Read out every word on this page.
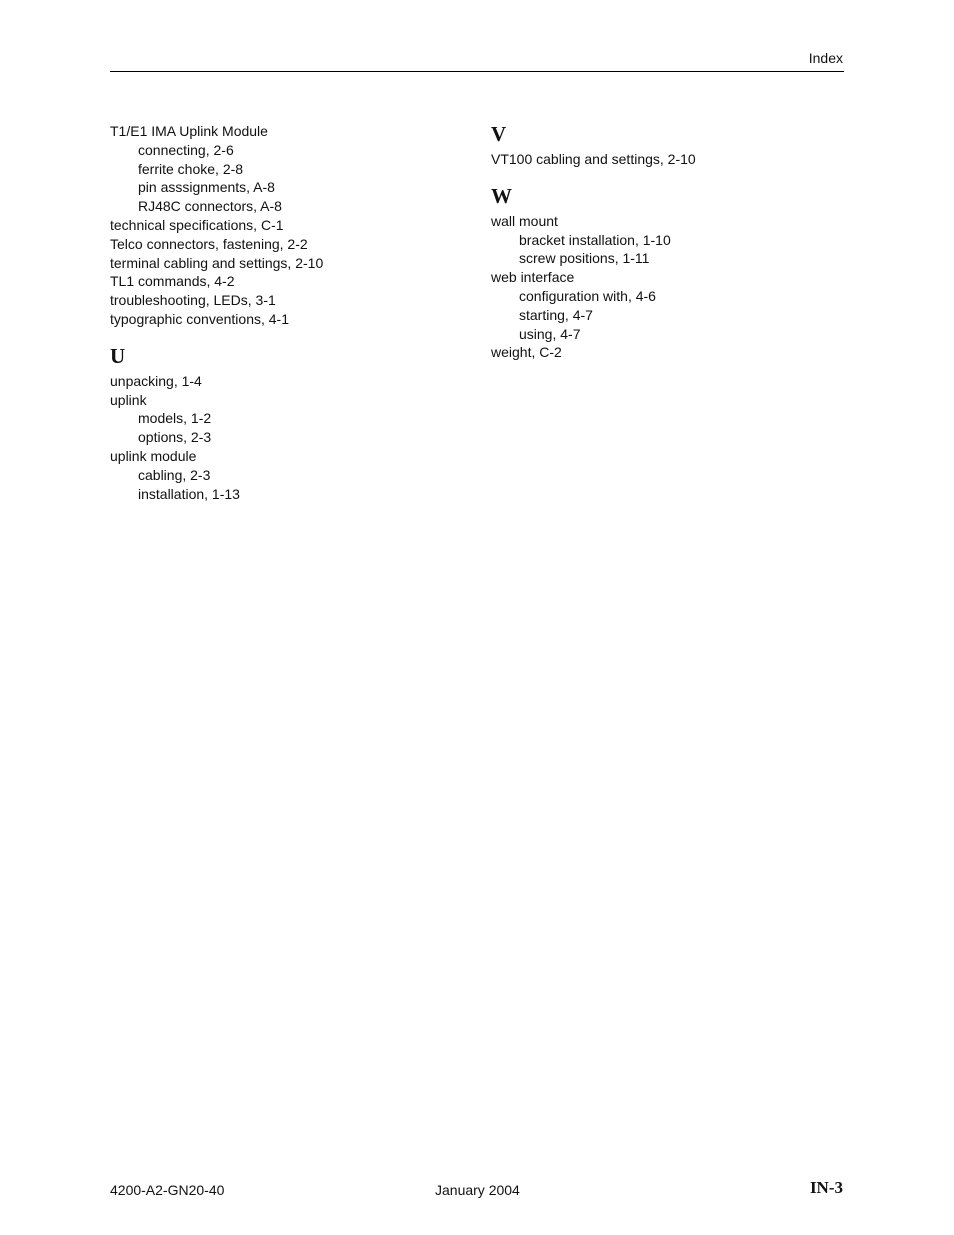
Index
T1/E1 IMA Uplink Module
connecting, 2-6
ferrite choke, 2-8
pin asssignments, A-8
RJ48C connectors, A-8
technical specifications, C-1
Telco connectors, fastening, 2-2
terminal cabling and settings, 2-10
TL1 commands, 4-2
troubleshooting, LEDs, 3-1
typographic conventions, 4-1
U
unpacking, 1-4
uplink
models, 1-2
options, 2-3
uplink module
cabling, 2-3
installation, 1-13
V
VT100 cabling and settings, 2-10
W
wall mount
bracket installation, 1-10
screw positions, 1-11
web interface
configuration with, 4-6
starting, 4-7
using, 4-7
weight, C-2
4200-A2-GN20-40	January 2004	IN-3
